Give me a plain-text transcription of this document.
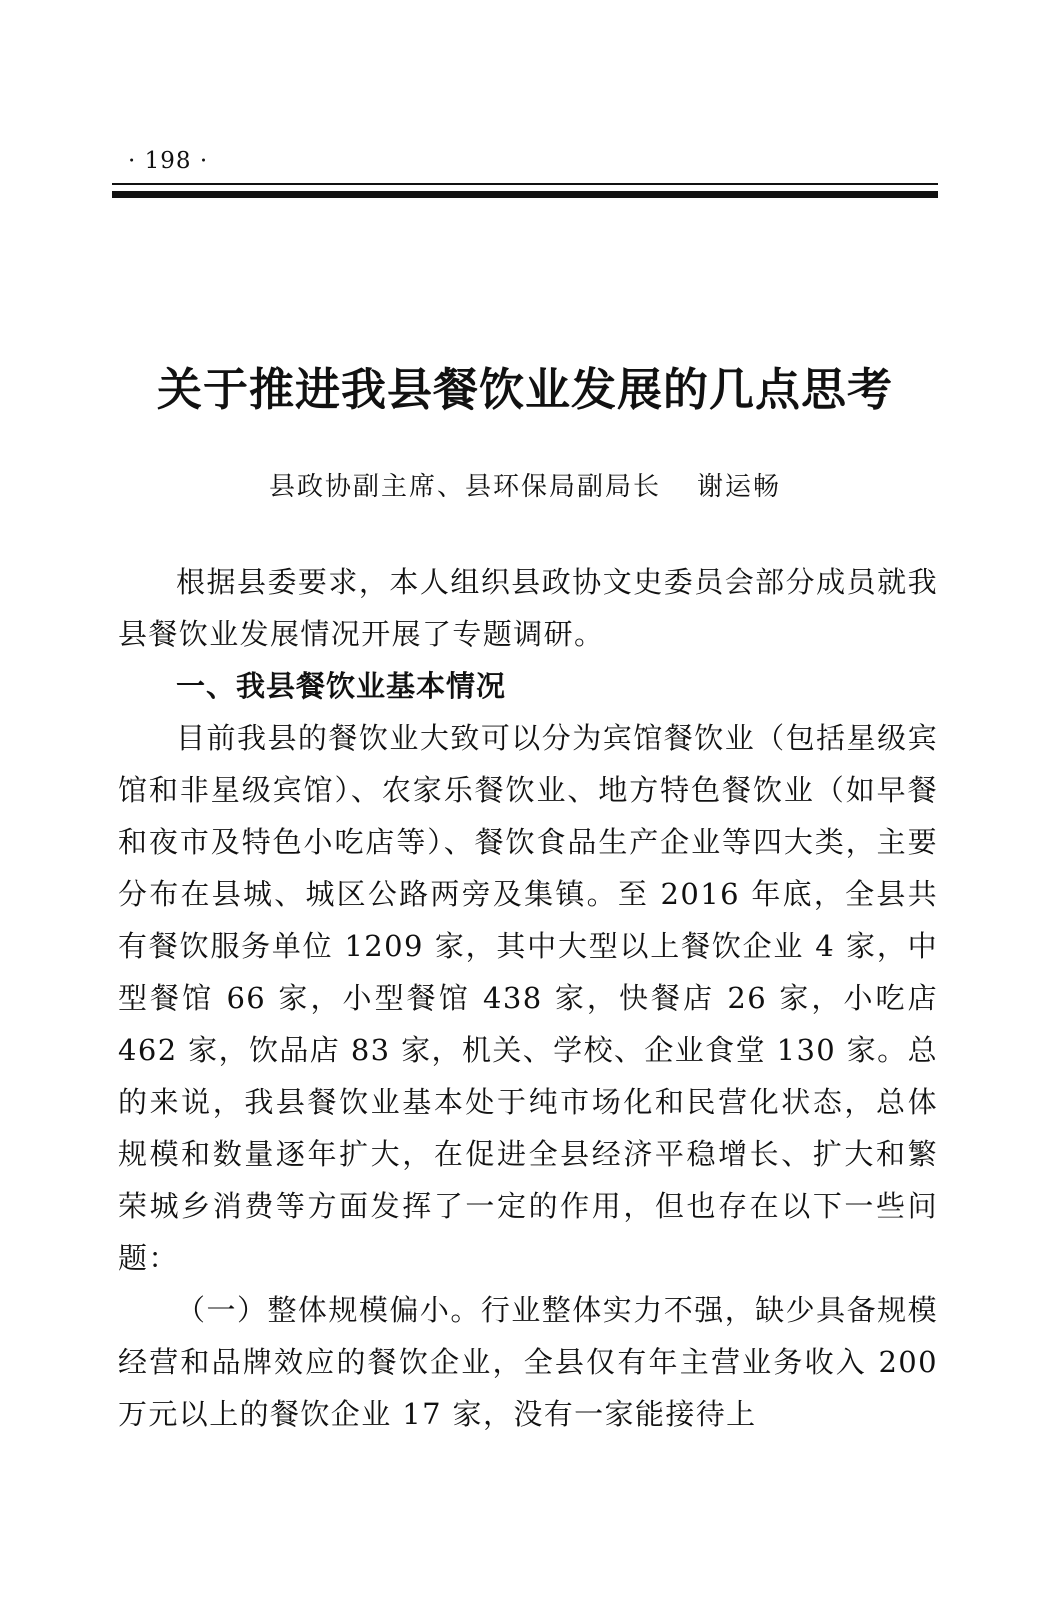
· 198 ·
关于推进我县餐饮业发展的几点思考
县政协副主席、县环保局副局长 谢运畅

根据县委要求，本人组织县政协文史委员会部分成员就我县餐饮业发展情况开展了专题调研。

一、我县餐饮业基本情况

目前我县的餐饮业大致可以分为宾馆餐饮业（包括星级宾馆和非星级宾馆）、农家乐餐饮业、地方特色餐饮业（如早餐和夜市及特色小吃店等）、餐饮食品生产企业等四大类，主要分布在县城、城区公路两旁及集镇。至 2016 年底，全县共有餐饮服务单位 1209 家，其中大型以上餐饮企业 4 家，中型餐馆 66 家，小型餐馆 438 家，快餐店 26 家，小吃店 462 家，饮品店 83 家，机关、学校、企业食堂 130 家。总的来说，我县餐饮业基本处于纯市场化和民营化状态，总体规模和数量逐年扩大，在促进全县经济平稳增长、扩大和繁荣城乡消费等方面发挥了一定的作用，但也存在以下一些问题：

（一）整体规模偏小。行业整体实力不强，缺少具备规模经营和品牌效应的餐饮企业，全县仅有年主营业务收入 200 万元以上的餐饮企业 17 家，没有一家能接待上
